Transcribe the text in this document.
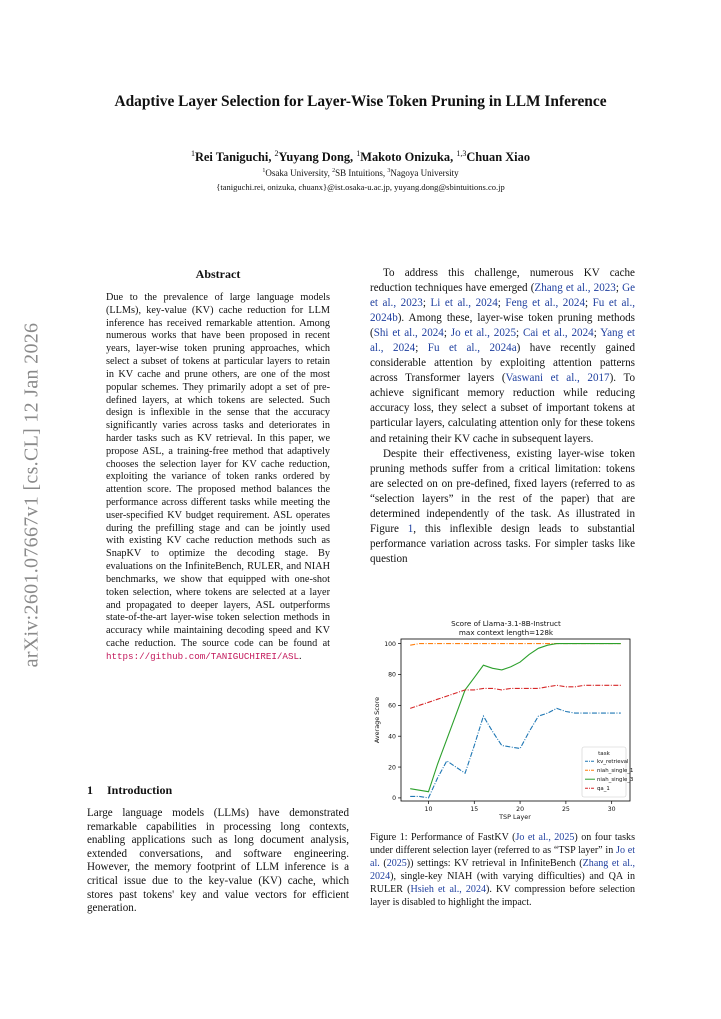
arXiv:2601.07667v1 [cs.CL] 12 Jan 2026
Adaptive Layer Selection for Layer-Wise Token Pruning in LLM Inference
$^1$Rei Taniguchi, $^2$Yuyang Dong, $^1$Makoto Onizuka, $^{1,3}$Chuan Xiao
$^1$Osaka University, $^2$SB Intuitions, $^3$Nagoya University
{taniguchi.rei, onizuka, chuanx}@ist.osaka-u.ac.jp, yuyang.dong@sbintuitions.co.jp
Abstract
Due to the prevalence of large language models (LLMs), key-value (KV) cache reduction for LLM inference has received remarkable attention. Among numerous works that have been proposed in recent years, layer-wise token pruning approaches, which select a subset of tokens at particular layers to retain in KV cache and prune others, are one of the most popular schemes. They primarily adopt a set of pre-defined layers, at which tokens are selected. Such design is inflexible in the sense that the accuracy significantly varies across tasks and deteriorates in harder tasks such as KV retrieval. In this paper, we propose ASL, a training-free method that adaptively chooses the selection layer for KV cache reduction, exploiting the variance of token ranks ordered by attention score. The proposed method balances the performance across different tasks while meeting the user-specified KV budget requirement. ASL operates during the prefilling stage and can be jointly used with existing KV cache reduction methods such as SnapKV to optimize the decoding stage. By evaluations on the InfiniteBench, RULER, and NIAH benchmarks, we show that equipped with one-shot token selection, where tokens are selected at a layer and propagated to deeper layers, ASL outperforms state-of-the-art layer-wise token selection methods in accuracy while maintaining decoding speed and KV cache reduction. The source code can be found at https://github.com/TANIGUCHIREI/ASL.
1 Introduction
Large language models (LLMs) have demonstrated remarkable capabilities in processing long contexts, enabling applications such as long document analysis, extended conversations, and software engineering. However, the memory footprint of LLM inference is a critical issue due to the key-value (KV) cache, which stores past tokens' key and value vectors for efficient generation.

To address this challenge, numerous KV cache reduction techniques have emerged (Zhang et al., 2023; Ge et al., 2023; Li et al., 2024; Feng et al., 2024; Fu et al., 2024b). Among these, layer-wise token pruning methods (Shi et al., 2024; Jo et al., 2025; Cai et al., 2024; Yang et al., 2024; Fu et al., 2024a) have recently gained considerable attention by exploiting attention patterns across Transformer layers (Vaswani et al., 2017). To achieve significant memory reduction while reducing accuracy loss, they select a subset of important tokens at particular layers, calculating attention only for these tokens and retaining their KV cache in subsequent layers.

Despite their effectiveness, existing layer-wise token pruning methods suffer from a critical limitation: tokens are selected on on pre-defined, fixed layers (referred to as “selection layers” in the rest of the paper) that are determined independently of the task. As illustrated in Figure 1, this inflexible design leads to substantial performance variation across tasks. For simpler tasks like question

Score of Llama-3.1-8B-Instruct
max context length=128k
10	15	20	25	30
0
20
40
60
80
100
task
kv_retrieval
niah_single_1
niah_single_3
qa_1
TSP Layer
Average Score
Figure 1: Performance of FastKV (Jo et al., 2025) on four tasks under different selection layer (referred to as “TSP layer” in Jo et al. (2025)) settings: KV retrieval in InfiniteBench (Zhang et al., 2024), single-key NIAH (with varying difficulties) and QA in RULER (Hsieh et al., 2024). KV compression before selection layer is disabled to highlight the impact.
